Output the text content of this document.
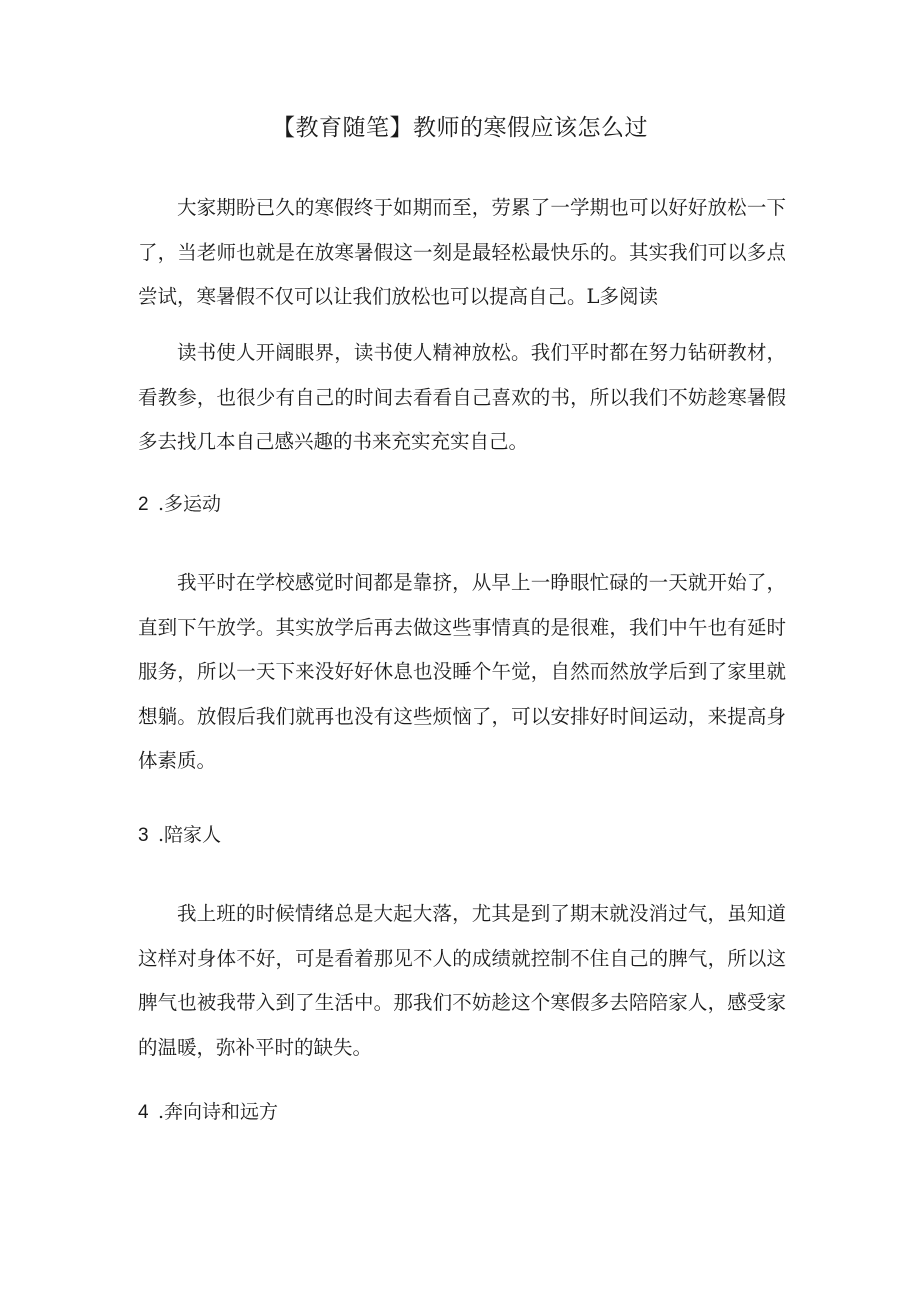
【教育随笔】教师的寒假应该怎么过

大家期盼已久的寒假终于如期而至，劳累了一学期也可以好好放松一下了，当老师也就是在放寒暑假这一刻是最轻松最快乐的。其实我们可以多点尝试，寒暑假不仅可以让我们放松也可以提高自己。L多阅读

读书使人开阔眼界，读书使人精神放松。我们平时都在努力钻研教材，看教参，也很少有自己的时间去看看自己喜欢的书，所以我们不妨趁寒暑假多去找几本自己感兴趣的书来充实充实自己。

2 .多运动

我平时在学校感觉时间都是靠挤，从早上一睁眼忙碌的一天就开始了，直到下午放学。其实放学后再去做这些事情真的是很难，我们中午也有延时服务，所以一天下来没好好休息也没睡个午觉，自然而然放学后到了家里就想躺。放假后我们就再也没有这些烦恼了，可以安排好时间运动，来提高身体素质。

3 .陪家人

我上班的时候情绪总是大起大落，尤其是到了期末就没消过气，虽知道这样对身体不好，可是看着那见不人的成绩就控制不住自己的脾气，所以这脾气也被我带入到了生活中。那我们不妨趁这个寒假多去陪陪家人，感受家的温暖，弥补平时的缺失。

4 .奔向诗和远方
